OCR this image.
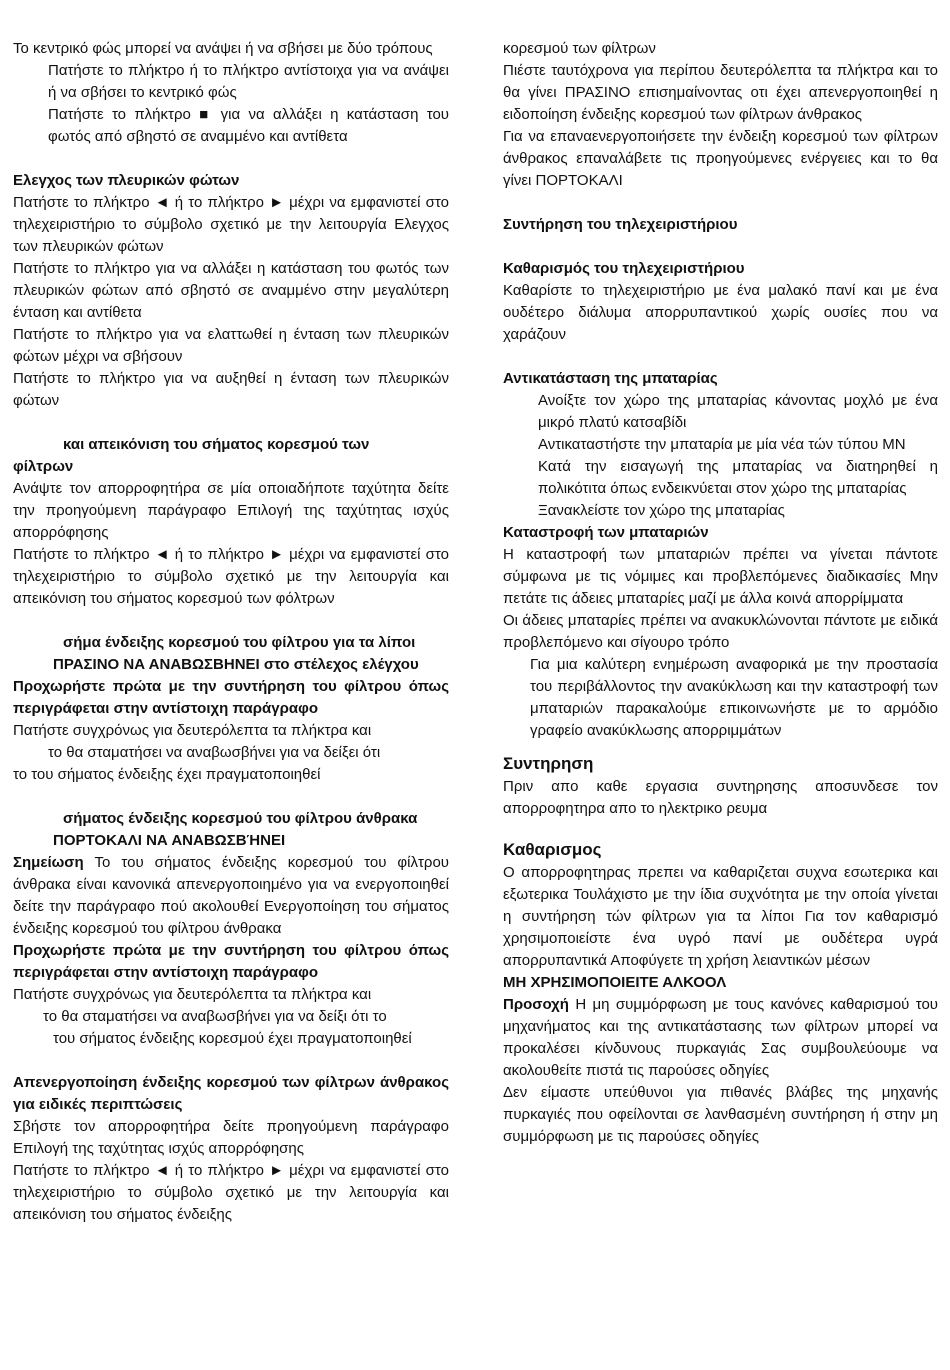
Το κεντρικό φώς μπορεί να ανάψει ή να σβήσει με δύο τρόπους
Πατήστε το πλήκτρο ή το πλήκτρο αντίστοιχα για να ανάψει ή να σβήσει το κεντρικό φώς
Πατήστε το πλήκτρο ■ για να αλλάξει η κατάσταση του φωτός από σβηστό σε αναμμένο και αντίθετα
Ελεγχος των πλευρικών φώτων
Πατήστε το πλήκτρο ◄ ή το πλήκτρο ► μέχρι να εμφανιστεί στο τηλεχειριστήριο το σύμβολο σχετικό με την λειτουργία Ελεγχος των πλευρικών φώτων
Πατήστε το πλήκτρο για να αλλάξει η κατάσταση του φωτός των πλευρικών φώτων από σβηστό σε αναμμένο στην μεγαλύτερη ένταση και αντίθετα
Πατήστε το πλήκτρο για να ελαττωθεί η ένταση των πλευρικών φώτων μέχρι να σβήσουν
Πατήστε το πλήκτρο για να αυξηθεί η ένταση των πλευρικών φώτων
και απεικόνιση του σήματος κορεσμού των
φίλτρων
Ανάψτε τον απορροφητήρα σε μία οποιαδήποτε ταχύτητα δείτε την προηγούμενη παράγραφο Επιλογή της ταχύτητας ισχύς απορρόφησης
Πατήστε το πλήκτρο ◄ ή το πλήκτρο ► μέχρι να εμφανιστεί στο τηλεχειριστήριο το σύμβολο σχετικό με την λειτουργία και απεικόνιση του σήματος κορεσμού των φόλτρων
σήμα ένδειξης κορεσμού του φίλτρου για τα λίποι
ΠΡΑΣΙΝΟ ΝΑ ΑΝΑΒΩΣΒΗΝΕΙ στο στέλεχος ελέγχου
Προχωρήστε πρώτα με την συντήρηση του φίλτρου όπως περιγράφεται στην αντίστοιχη παράγραφο
Πατήστε συγχρόνως για δευτερόλεπτα τα πλήκτρα και
το θα σταματήσει να αναβωσβήνει για να δείξει ότι
το του σήματος ένδειξης έχει πραγματοποιηθεί
σήματος ένδειξης κορεσμού του φίλτρου άνθρακα
ΠΟΡΤΟΚΑΛΙ ΝΑ ΑΝΑΒΩΣΒΉΝΕΙ
Σημείωση Το του σήματος ένδειξης κορεσμού του φίλτρου άνθρακα είναι κανονικά απενεργοποιημένο για να ενεργοποιηθεί δείτε την παράγραφο πού ακολουθεί Ενεργοποίηση του σήματος ένδειξης κορεσμού του φίλτρου άνθρακα
Προχωρήστε πρώτα με την συντήρηση του φίλτρου όπως περιγράφεται στην αντίστοιχη παράγραφο
Πατήστε συγχρόνως για δευτερόλεπτα τα πλήκτρα και
το θα σταματήσει να αναβωσβήνει για να δείξι ότι το
του σήματος ένδειξης κορεσμού έχει πραγματοποιηθεί
Απενεργοποίηση ένδειξης κορεσμού των φίλτρων άνθρακος για ειδικές περιπτώσεις
Σβήστε τον απορροφητήρα δείτε προηγούμενη παράγραφο Επιλογή της ταχύτητας ισχύς απορρόφησης
Πατήστε το πλήκτρο ◄ ή το πλήκτρο ► μέχρι να εμφανιστεί στο τηλεχειριστήριο το σύμβολο σχετικό με την λειτουργία και απεικόνιση του σήματος ένδειξης
κορεσμού των φίλτρων
Πιέστε ταυτόχρονα για περίπου δευτερόλεπτα τα πλήκτρα και το θα γίνει ΠΡΑΣΙΝΟ επισημαίνοντας οτι έχει απενεργοποιηθεί η ειδοποίηση ένδειξης κορεσμού των φίλτρων άνθρακος
Για να επαναενεργοποιήσετε την ένδειξη κορεσμού των φίλτρων άνθρακος επαναλάβετε τις προηγούμενες ενέργειες και το θα γίνει ΠΟΡΤΟΚΑΛΙ
Συντήρηση του τηλεχειριστήριου
Καθαρισμός του τηλεχειριστήριου
Καθαρίστε το τηλεχειριστήριο με ένα μαλακό πανί και με ένα ουδέτερο διάλυμα απορρυπαντικού χωρίς ουσίες που να χαράζουν
Αντικατάσταση της μπαταρίας
Ανοίξτε τον χώρο της μπαταρίας κάνοντας μοχλό με ένα μικρό πλατύ κατσαβίδι
Αντικαταστήστε την μπαταρία με μία νέα τών τύπου MN
Κατά την εισαγωγή της μπαταρίας να διατηρηθεί η πολικότιτα όπως ενδεικνύεται στον χώρο της μπαταρίας
Ξανακλείστε τον χώρο της μπαταρίας
Καταστροφή των μπαταριών
Η καταστροφή των μπαταριών πρέπει να γίνεται πάντοτε σύμφωνα με τις νόμιμες και προβλεπόμενες διαδικασίες Μην πετάτε τις άδειες μπαταρίες μαζί με άλλα κοινά απορρίμματα
Οι άδειες μπαταρίες πρέπει να ανακυκλώνονται πάντοτε με ειδικά προβλεπόμενο και σίγουρο τρόπο
Για μια καλύτερη ενημέρωση αναφορικά με την προστασία του περιβάλλοντος την ανακύκλωση και την καταστροφή των μπαταριών παρακαλούμε επικοινωνήστε με το αρμόδιο γραφείο ανακύκλωσης απορριμμάτων
Συντηρηση
Πριν απο καθε εργασια συντηρησης αποσυνδεσε τον απορροφητηρα απο το ηλεκτρικο ρευμα
Καθαρισμος
Ο απορροφητηρας πρεπει να καθαριζεται συχνα εσωτερικα και εξωτερικα Τουλάχιστο με την ίδια συχνότητα με την οποία γίνεται η συντήρηση τών φίλτρων για τα λίποι Για τον καθαρισμό χρησιμοποιείστε ένα υγρό πανί με ουδέτερα υγρά απορρυπαντικά Αποφύγετε τη χρήση λειαντικών μέσων
ΜΗ ΧΡΗΣΙΜΟΠΟΙΕΙΤΕ ΑΛΚΟΟΛ
Προσοχή Η μη συμμόρφωση με τους κανόνες καθαρισμού του μηχανήματος και της αντικατάστασης των φίλτρων μπορεί να προκαλέσει κίνδυνους πυρκαγιάς Σας συμβουλεύουμε να ακολουθείτε πιστά τις παρούσες οδηγίες
Δεν είμαστε υπεύθυνοι για πιθανές βλάβες της μηχανής πυρκαγιές που οφείλονται σε λανθασμένη συντήρηση ή στην μη συμμόρφωση με τις παρούσες οδηγίες
